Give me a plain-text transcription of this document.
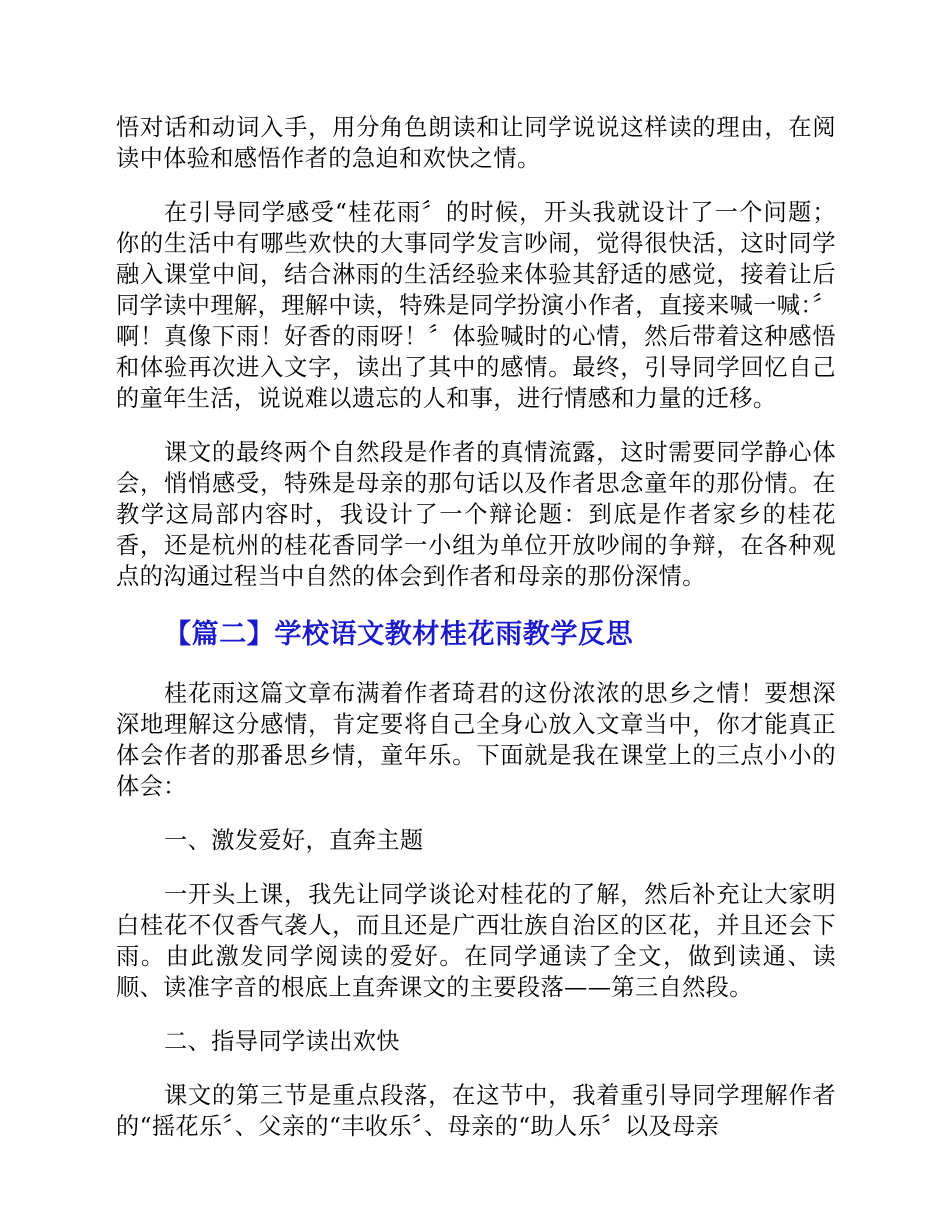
悟对话和动词入手，用分角色朗读和让同学说说这样读的理由，在阅读中体验和感悟作者的急迫和欢快之情。

在引导同学感受“桂花雨〞的时候，开头我就设计了一个问题；你的生活中有哪些欢快的大事同学发言吵闹，觉得很快活，这时同学融入课堂中间，结合淋雨的生活经验来体验其舒适的感觉，接着让后同学读中理解，理解中读，特殊是同学扮演小作者，直接来喊一喊：〞啊！真像下雨！好香的雨呀！〞体验喊时的心情，然后带着这种感悟和体验再次进入文字，读出了其中的感情。最终，引导同学回忆自己的童年生活，说说难以遗忘的人和事，进行情感和力量的迁移。

课文的最终两个自然段是作者的真情流露，这时需要同学静心体会，悄悄感受，特殊是母亲的那句话以及作者思念童年的那份情。在教学这局部内容时，我设计了一个辩论题：到底是作者家乡的桂花香，还是杭州的桂花香同学一小组为单位开放吵闹的争辩，在各种观点的沟通过程当中自然的体会到作者和母亲的那份深情。

【篇二】学校语文教材桂花雨教学反思

桂花雨这篇文章布满着作者琦君的这份浓浓的思乡之情！要想深深地理解这分感情，肯定要将自己全身心放入文章当中，你才能真正体会作者的那番思乡情，童年乐。下面就是我在课堂上的三点小小的体会：

一、激发爱好，直奔主题

一开头上课，我先让同学谈论对桂花的了解，然后补充让大家明白桂花不仅香气袭人，而且还是广西壮族自治区的区花，并且还会下雨。由此激发同学阅读的爱好。在同学通读了全文，做到读通、读顺、读准字音的根底上直奔课文的主要段落——第三自然段。

二、指导同学读出欢快

课文的第三节是重点段落，在这节中，我着重引导同学理解作者的“摇花乐〞、父亲的“丰收乐〞、母亲的“助人乐〞以及母亲
